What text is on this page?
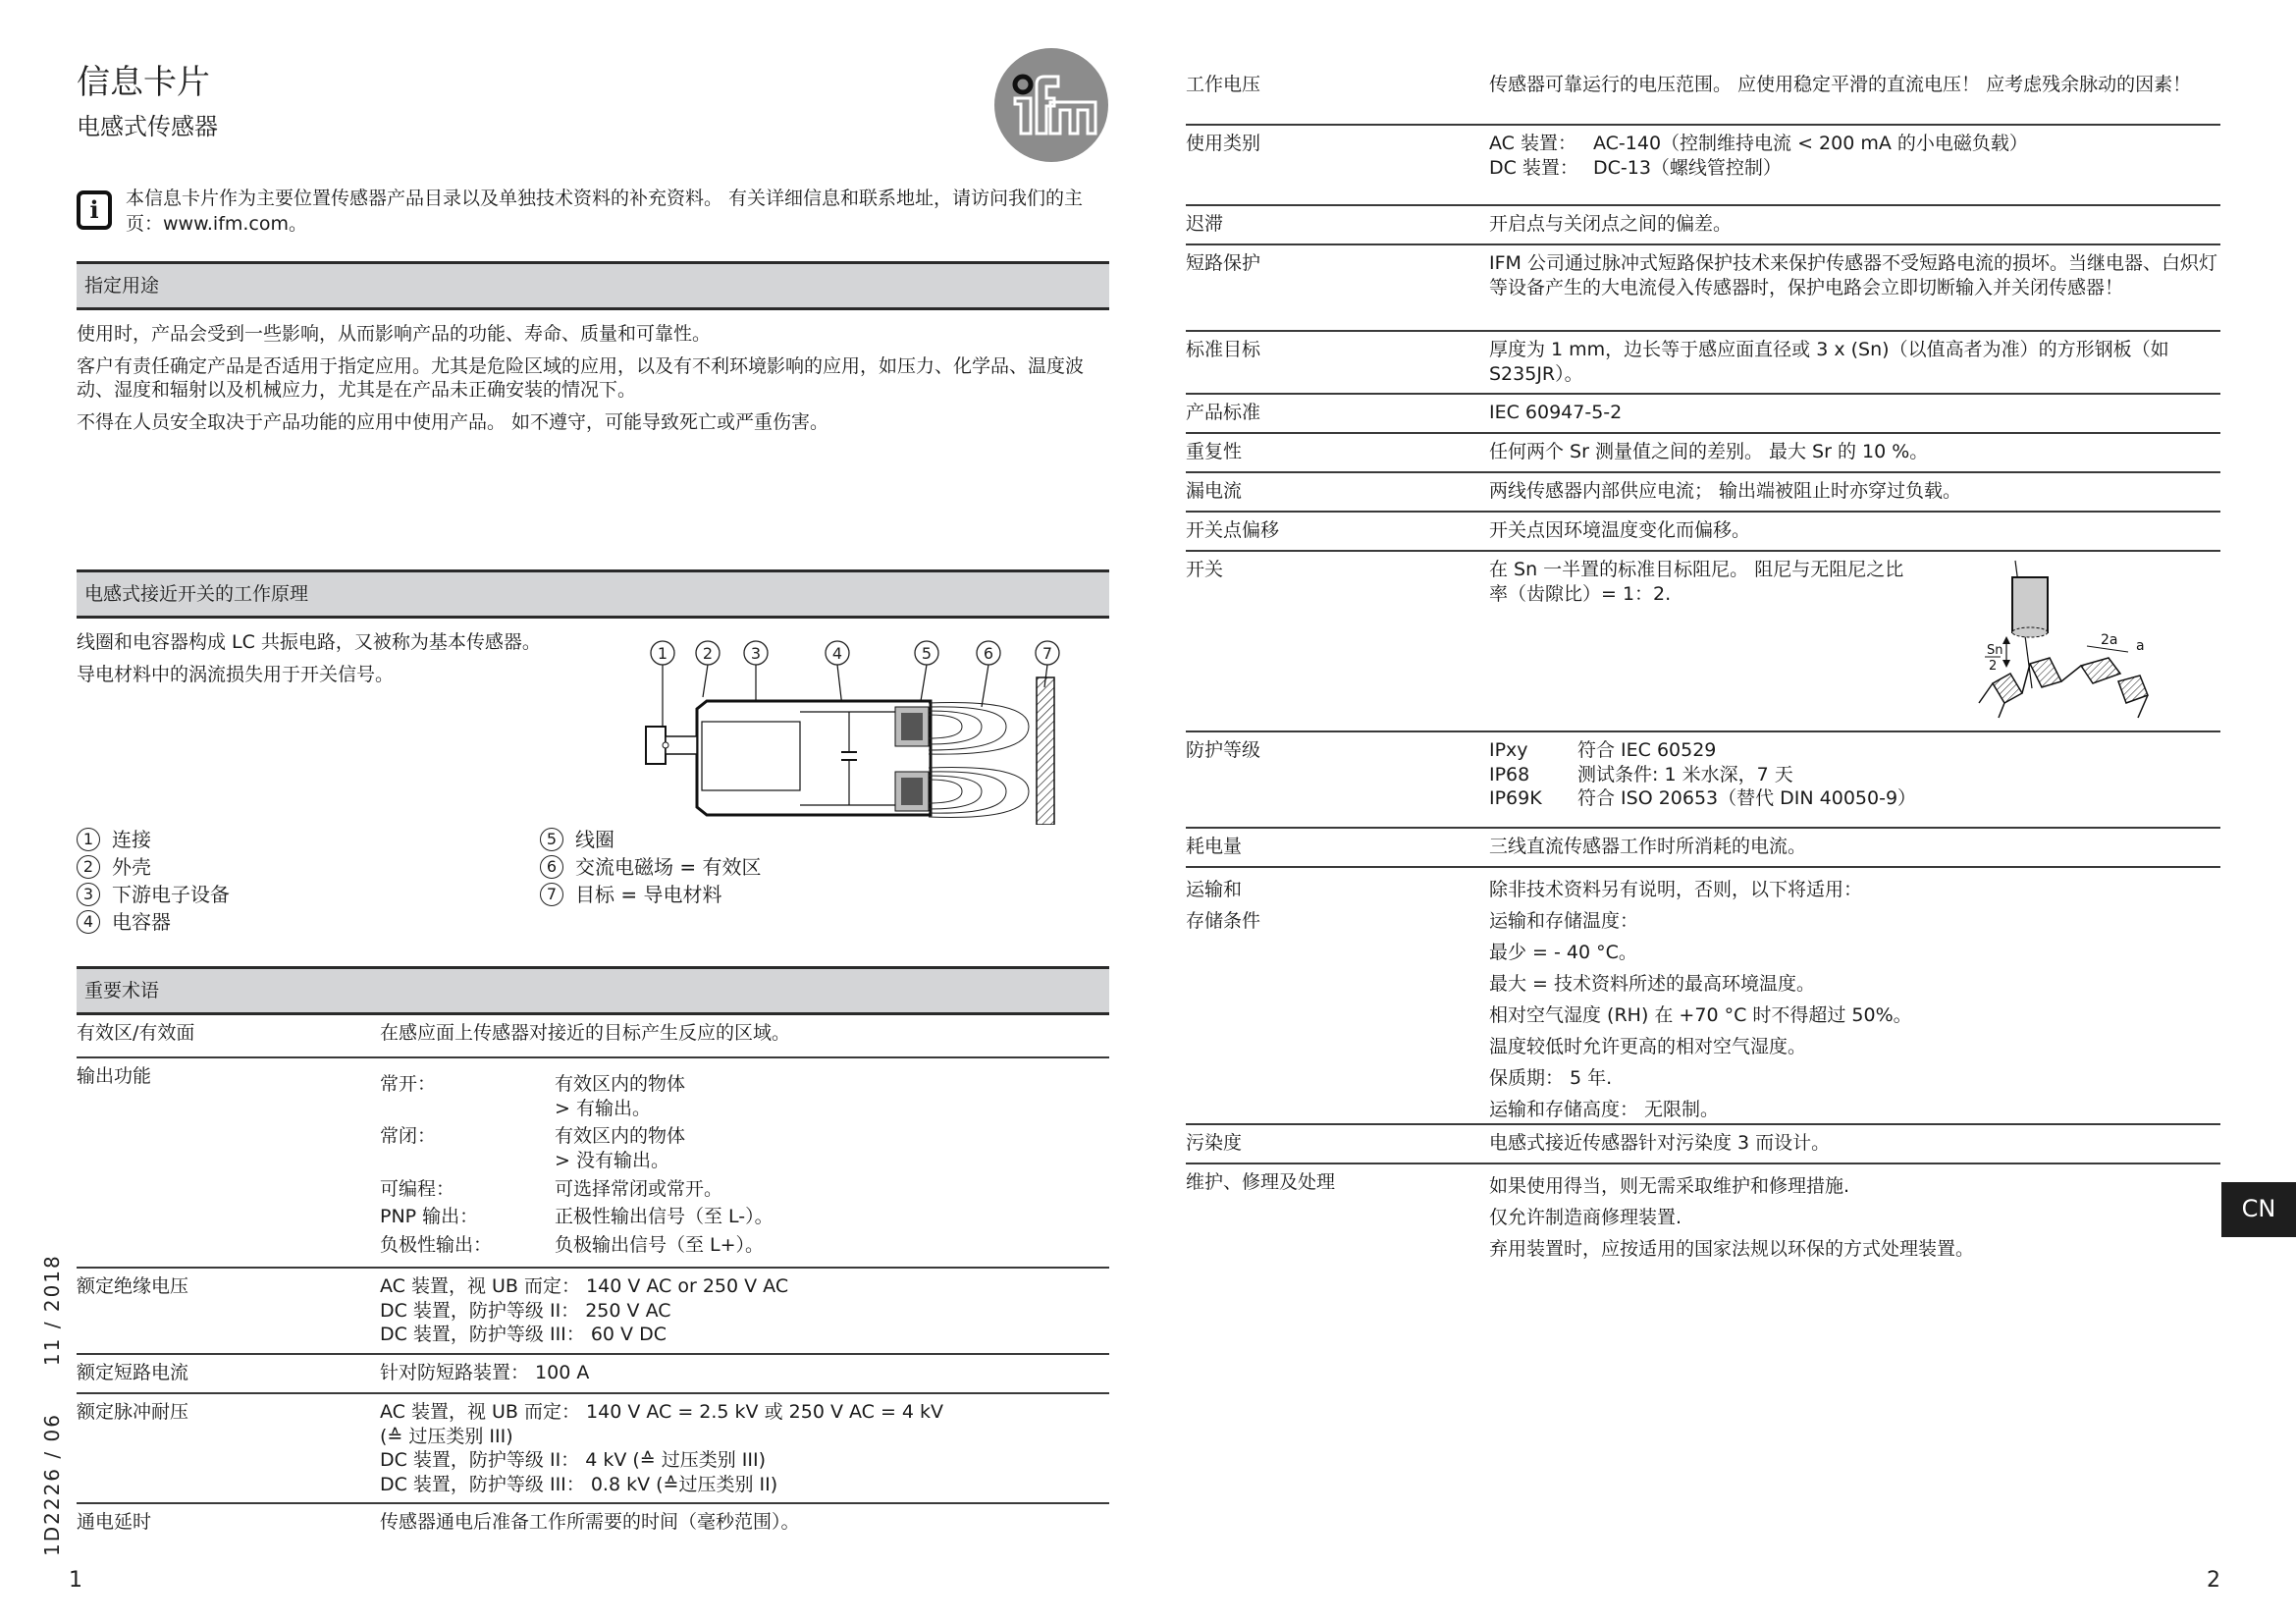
信息卡片
电感式传感器
i	本信息卡片作为主要位置传感器产品目录以及单独技术资料的补充资料。 有关详细信息和联系地址，请访问我们的主页：www.ifm.com。
指定用途

使用时，产品会受到一些影响，从而影响产品的功能、寿命、质量和可靠性。

客户有责任确定产品是否适用于指定应用。尤其是危险区域的应用，以及有不利环境影响的应用，如压力、化学品、温度波动、湿度和辐射以及机械应力，尤其是在产品未正确安装的情况下。

不得在人员安全取决于产品功能的应用中使用产品。 如不遵守，可能导致死亡或严重伤害。

电感式接近开关的工作原理

线圈和电容器构成 LC 共振电路，又被称为基本传感器。

导电材料中的涡流损失用于开关信号。

1 2 3	4	5	6	7
1 连接
2 外壳
3 下游电子设备
4 电容器
5 线圈
6 交流电磁场 = 有效区
7 目标 = 导电材料
重要术语
有效区/有效面	在感应面上传感器对接近的目标产生反应的区域。
输出功能	常开：	有效区内的物体
> 有输出。
常闭：	有效区内的物体
> 没有输出。
可编程：	可选择常闭或常开。
PNP 输出：	正极性输出信号（至 L-）。
负极性输出：	负极输出信号（至 L+）。
额定绝缘电压	AC 装置，视 UB 而定： 140 V AC or 250 V AC
DC 装置，防护等级 II： 250 V AC
DC 装置，防护等级 III： 60 V DC
额定短路电流	针对防短路装置： 100 A
额定脉冲耐压	AC 装置，视 UB 而定： 140 V AC = 2.5 kV 或 250 V AC = 4 kV
(≙ 过压类别 III)
DC 装置，防护等级 II： 4 kV (≙ 过压类别 III)
DC 装置，防护等级 III： 0.8 kV (≙过压类别 II)
通电延时	传感器通电后准备工作所需要的时间（毫秒范围）。
1D2226 / 0611 / 2018
1
工作电压	传感器可靠运行的电压范围。 应使用稳定平滑的直流电压！ 应考虑残余脉动的因素！
使用类别	AC 装置： AC-140（控制维持电流 < 200 mA 的小电磁负载）
DC 装置： DC-13（螺线管控制）
迟滞	开启点与关闭点之间的偏差。
短路保护	IFM 公司通过脉冲式短路保护技术来保护传感器不受短路电流的损坏。当继电器、白炽灯等设备产生的大电流侵入传感器时，保护电路会立即切断输入并关闭传感器！
标准目标	厚度为 1 mm，边长等于感应面直径或 3 x (Sn)（以值高者为准）的方形钢板（如 S235JR）。
产品标准	IEC 60947-5-2
重复性	任何两个 Sr 测量值之间的差别。 最大 Sr 的 10 %。
漏电流	两线传感器内部供应电流； 输出端被阻止时亦穿过负载。
开关点偏移	开关点因环境温度变化而偏移。
开关	在 Sn 一半置的标准目标阻尼。 阻尼与无阻尼之比率（齿隙比）= 1：2.
Sn
2
2a a
防护等级	IPxy	符合 IEC 60529
IP68	测试条件: 1 米水深，7 天
IP69K	符合 ISO 20653（替代 DIN 40050-9）
耗电量	三线直流传感器工作时所消耗的电流。
运输和
存储条件
除非技术资料另有说明，否则，以下将适用：
运输和存储温度：
最少 = - 40 °C。
最大 = 技术资料所述的最高环境温度。
相对空气湿度 (RH) 在 +70 °C 时不得超过 50%。
温度较低时允许更高的相对空气湿度。
保质期： 5 年.
运输和存储高度： 无限制。
污染度	电感式接近传感器针对污染度 3 而设计。
维护、修理及处理	如果使用得当，则无需采取维护和修理措施.
仅允许制造商修理装置.
弃用装置时，应按适用的国家法规以环保的方式处理装置。
CN
2
